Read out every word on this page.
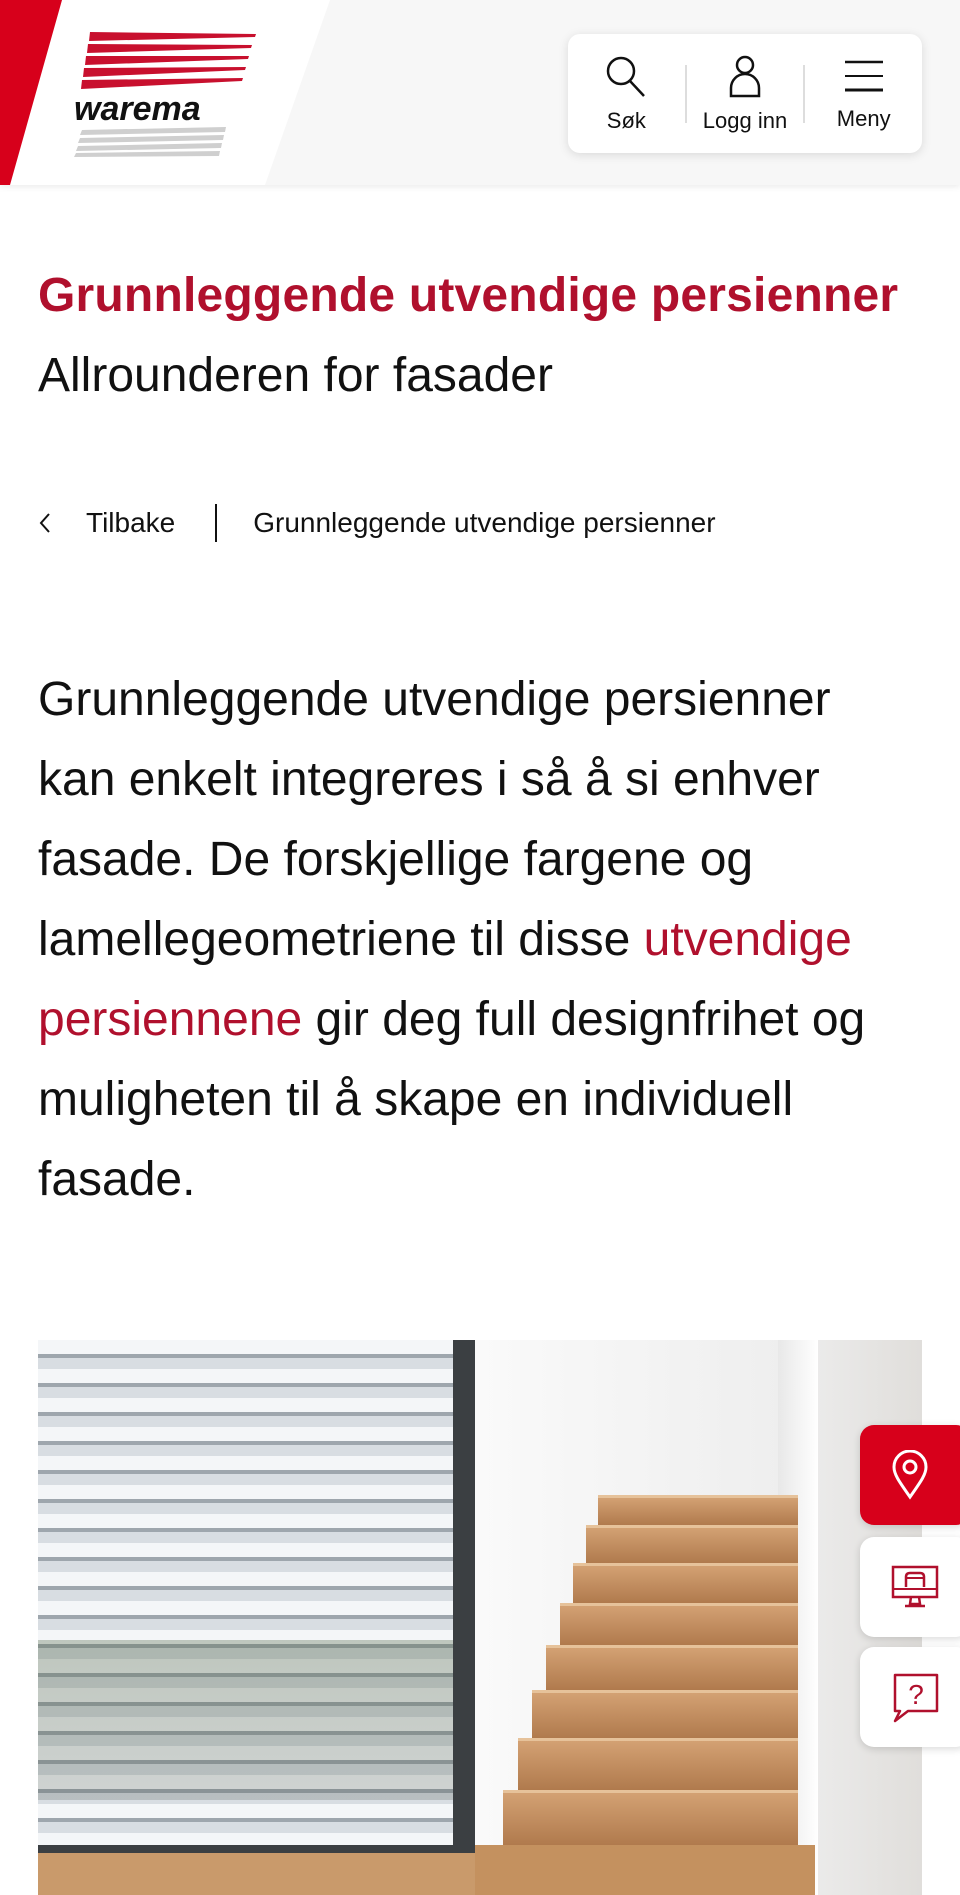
warema	Søk	Logg inn Meny
Grunnleggende utvendige persienner
Allrounderen for fasader
Tilbake	Grunnleggende utvendige persienner

Grunnleggende utvendige persienner kan enkelt integreres i så å si enhver fasade. De forskjellige fargene og lamellegeometriene til disse utvendige persiennene gir deg full designfrihet og muligheten til å skape en individuell fasade.

?
